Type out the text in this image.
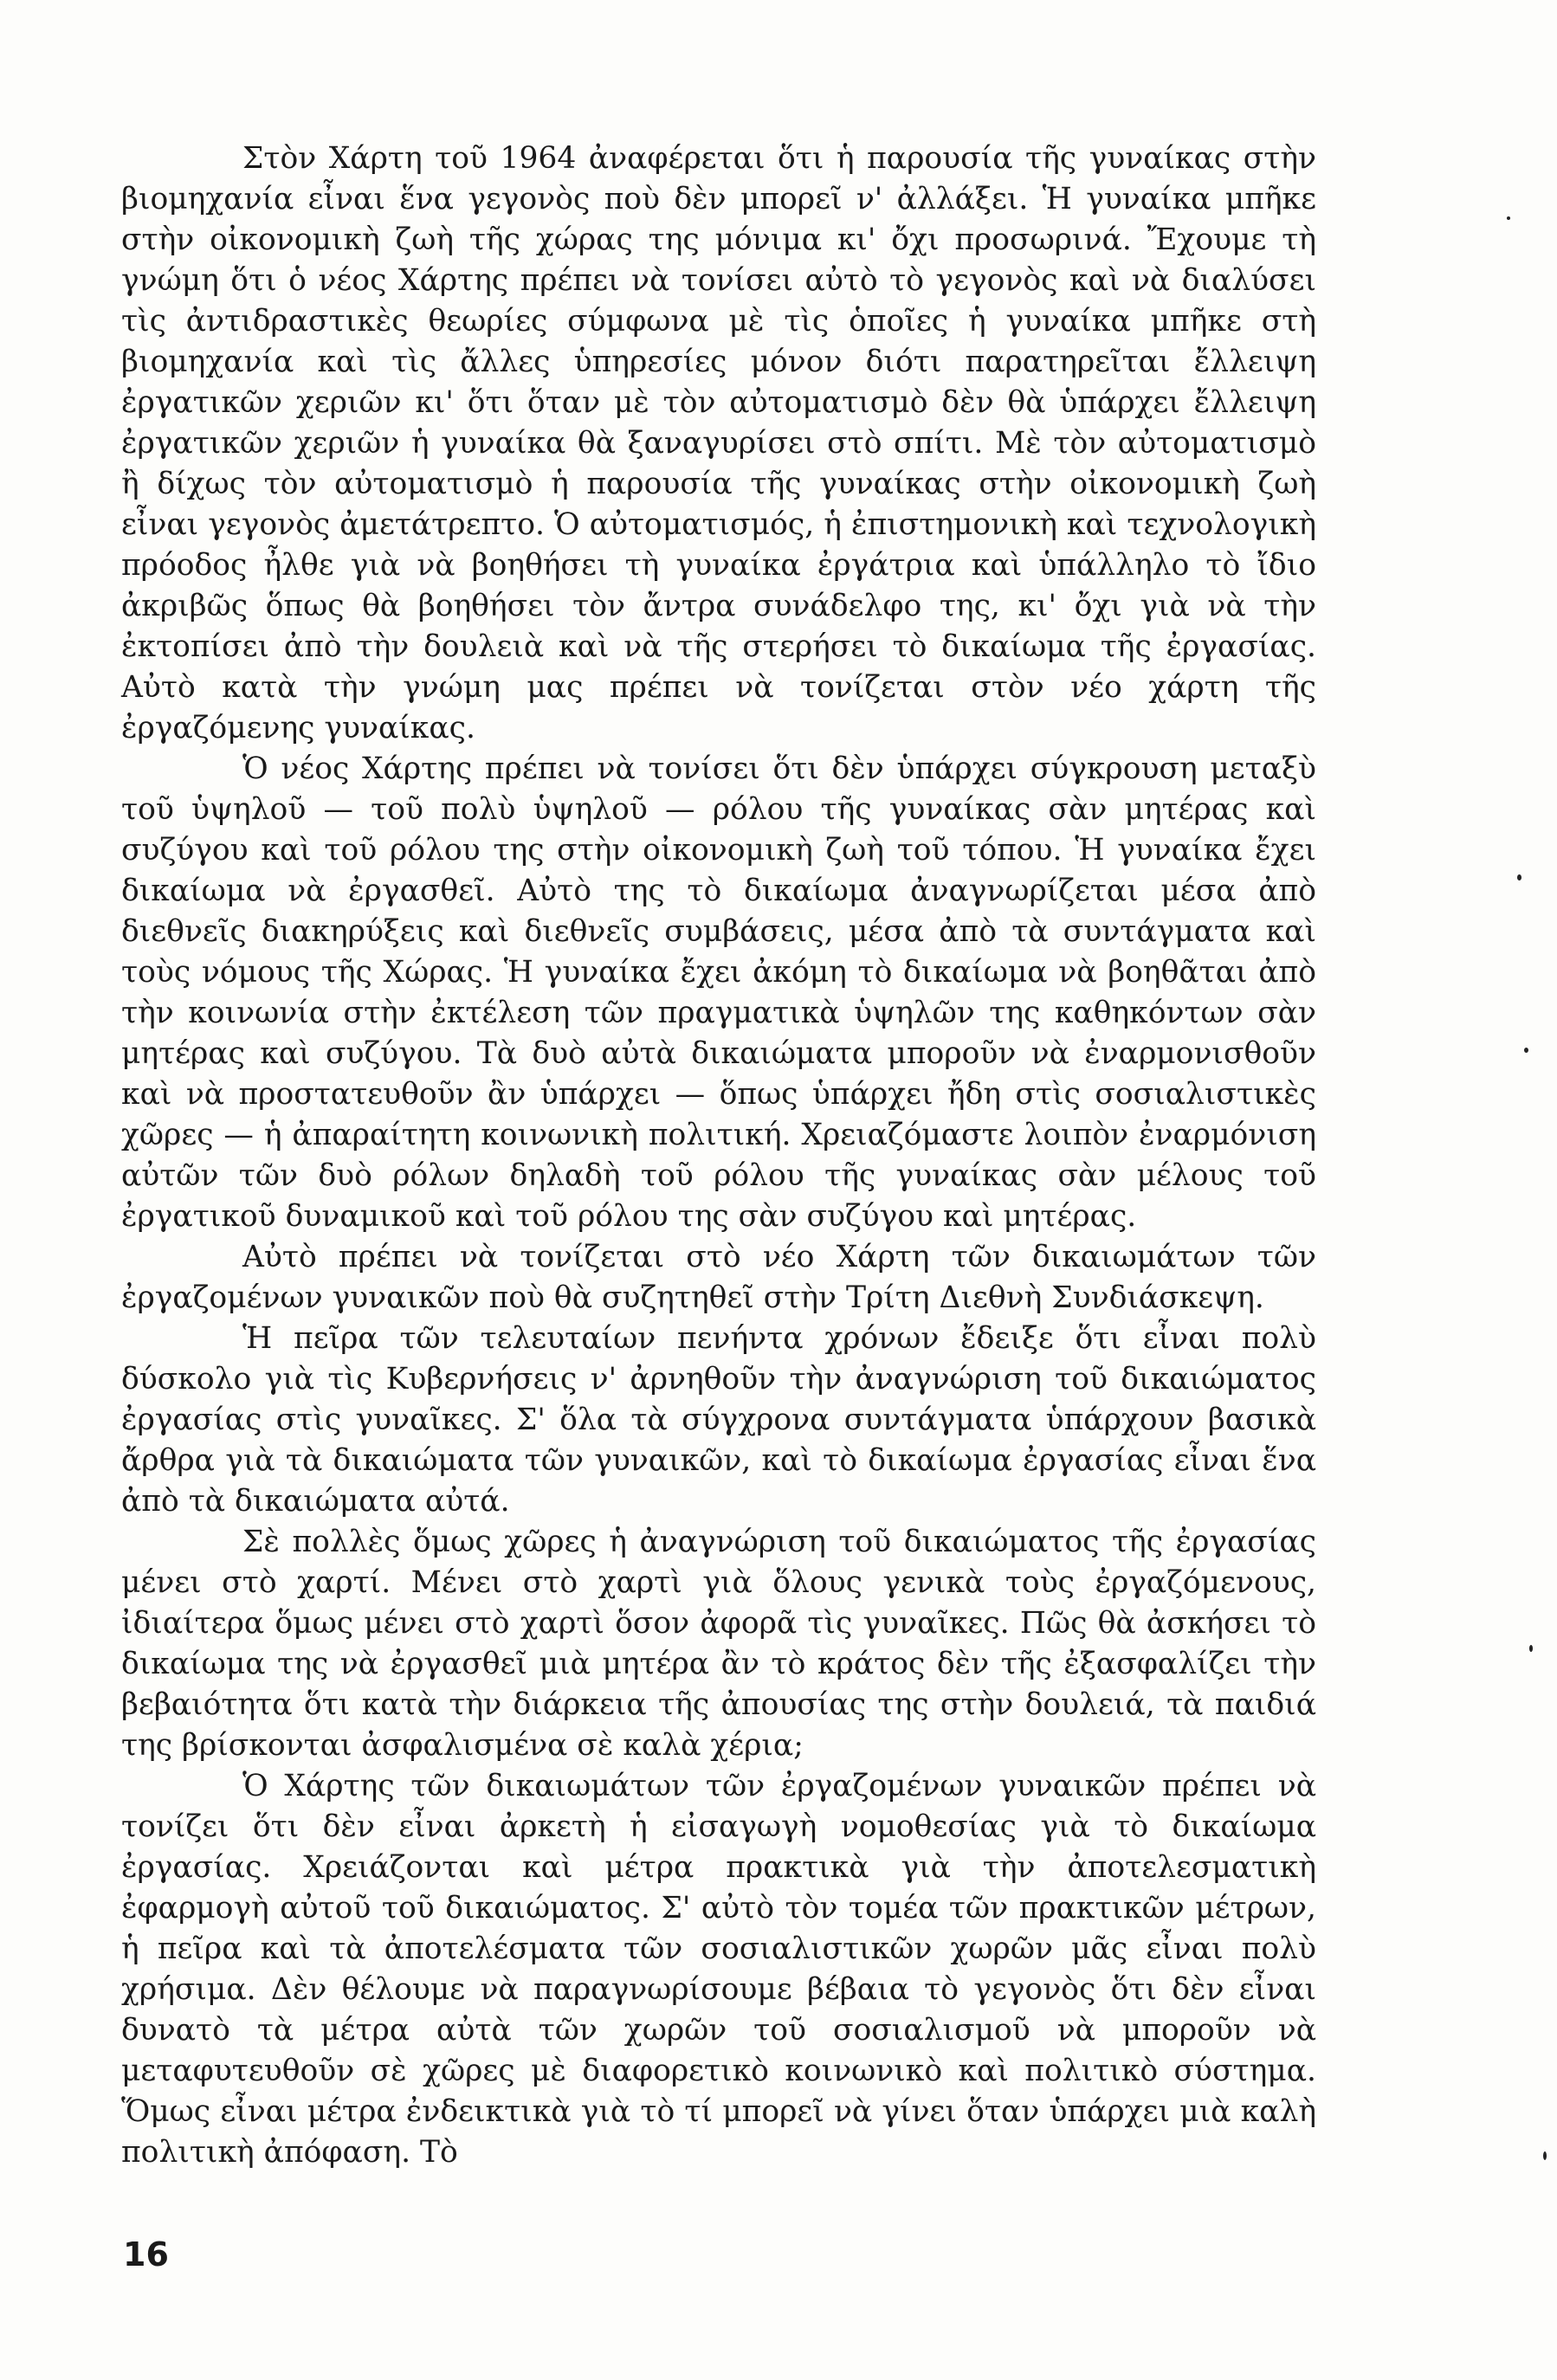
Στὸν Χάρτη τοῦ 1964 ἀναφέρεται ὅτι ἡ παρουσία τῆς γυναίκας στὴν βιομηχανία εἶναι ἕνα γεγονὸς ποὺ δὲν μπορεῖ ν' ἀλλάξει. Ἡ γυναίκα μπῆκε στὴν οἰκονομικὴ ζωὴ τῆς χώρας της μόνιμα κι' ὄχι προσωρινά. Ἔχουμε τὴ γνώμη ὅτι ὁ νέος Χάρτης πρέπει νὰ τονίσει αὐτὸ τὸ γεγονὸς καὶ νὰ διαλύσει τὶς ἀντιδραστικὲς θεωρίες σύμφωνα μὲ τὶς ὁποῖες ἡ γυναίκα μπῆκε στὴ βιομηχανία καὶ τὶς ἄλλες ὑπηρεσίες μόνον διότι παρατηρεῖται ἔλλειψη ἐργατικῶν χεριῶν κι' ὅτι ὅταν μὲ τὸν αὐτοματισμὸ δὲν θὰ ὑπάρχει ἔλλειψη ἐργατικῶν χεριῶν ἡ γυναίκα θὰ ξαναγυρίσει στὸ σπίτι. Μὲ τὸν αὐτοματισμὸ ἢ δίχως τὸν αὐτοματισμὸ ἡ παρουσία τῆς γυναίκας στὴν οἰκονομικὴ ζωὴ εἶναι γεγονὸς ἀμετάτρεπτο. Ὁ αὐτοματισμός, ἡ ἐπιστημονικὴ καὶ τεχνολογικὴ πρόοδος ἦλθε γιὰ νὰ βοηθήσει τὴ γυναίκα ἐργάτρια καὶ ὑπάλληλο τὸ ἴδιο ἀκριβῶς ὅπως θὰ βοηθήσει τὸν ἄντρα συνάδελφο της, κι' ὄχι γιὰ νὰ τὴν ἐκτοπίσει ἀπὸ τὴν δουλειὰ καὶ νὰ τῆς στερήσει τὸ δικαίωμα τῆς ἐργασίας. Αὐτὸ κατὰ τὴν γνώμη μας πρέπει νὰ τονίζεται στὸν νέο χάρτη τῆς ἐργαζόμενης γυναίκας.

Ὁ νέος Χάρτης πρέπει νὰ τονίσει ὅτι δὲν ὑπάρχει σύγκρουση μεταξὺ τοῦ ὑψηλοῦ — τοῦ πολὺ ὑψηλοῦ — ρόλου τῆς γυναίκας σὰν μητέρας καὶ συζύγου καὶ τοῦ ρόλου της στὴν οἰκονομικὴ ζωὴ τοῦ τόπου. Ἡ γυναίκα ἔχει δικαίωμα νὰ ἐργασθεῖ. Αὐτὸ της τὸ δικαίωμα ἀναγνωρίζεται μέσα ἀπὸ διεθνεῖς διακηρύξεις καὶ διεθνεῖς συμβάσεις, μέσα ἀπὸ τὰ συντάγματα καὶ τοὺς νόμους τῆς Χώρας. Ἡ γυναίκα ἔχει ἀκόμη τὸ δικαίωμα νὰ βοηθᾶται ἀπὸ τὴν κοινωνία στὴν ἐκτέλεση τῶν πραγματικὰ ὑψηλῶν της καθηκόντων σὰν μητέρας καὶ συζύγου. Τὰ δυὸ αὐτὰ δικαιώματα μποροῦν νὰ ἐναρμονισθοῦν καὶ νὰ προστατευθοῦν ἂν ὑπάρχει — ὅπως ὑπάρχει ἤδη στὶς σοσιαλιστικὲς χῶρες — ἡ ἀπαραίτητη κοινωνικὴ πολιτική. Χρειαζόμαστε λοιπὸν ἐναρμόνιση αὐτῶν τῶν δυὸ ρόλων δηλαδὴ τοῦ ρόλου τῆς γυναίκας σὰν μέλους τοῦ ἐργατικοῦ δυναμικοῦ καὶ τοῦ ρόλου της σὰν συζύγου καὶ μητέρας.

Αὐτὸ πρέπει νὰ τονίζεται στὸ νέο Χάρτη τῶν δικαιωμάτων τῶν ἐργαζομένων γυναικῶν ποὺ θὰ συζητηθεῖ στὴν Τρίτη Διεθνὴ Συνδιάσκεψη.

Ἡ πεῖρα τῶν τελευταίων πενήντα χρόνων ἔδειξε ὅτι εἶναι πολὺ δύσκολο γιὰ τὶς Κυβερνήσεις ν' ἀρνηθοῦν τὴν ἀναγνώριση τοῦ δικαιώματος ἐργασίας στὶς γυναῖκες. Σ' ὅλα τὰ σύγχρονα συντάγματα ὑπάρχουν βασικὰ ἄρθρα γιὰ τὰ δικαιώματα τῶν γυναικῶν, καὶ τὸ δικαίωμα ἐργασίας εἶναι ἕνα ἀπὸ τὰ δικαιώματα αὐτά.

Σὲ πολλὲς ὅμως χῶρες ἡ ἀναγνώριση τοῦ δικαιώματος τῆς ἐργασίας μένει στὸ χαρτί. Μένει στὸ χαρτὶ γιὰ ὅλους γενικὰ τοὺς ἐργαζόμενους, ἰδιαίτερα ὅμως μένει στὸ χαρτὶ ὅσον ἀφορᾶ τὶς γυναῖκες. Πῶς θὰ ἀσκήσει τὸ δικαίωμα της νὰ ἐργασθεῖ μιὰ μητέρα ἂν τὸ κράτος δὲν τῆς ἐξασφαλίζει τὴν βεβαιότητα ὅτι κατὰ τὴν διάρκεια τῆς ἀπουσίας της στὴν δουλειά, τὰ παιδιά της βρίσκονται ἀσφαλισμένα σὲ καλὰ χέρια;

Ὁ Χάρτης τῶν δικαιωμάτων τῶν ἐργαζομένων γυναικῶν πρέπει νὰ τονίζει ὅτι δὲν εἶναι ἀρκετὴ ἡ εἰσαγωγὴ νομοθεσίας γιὰ τὸ δικαίωμα ἐργασίας. Χρειάζονται καὶ μέτρα πρακτικὰ γιὰ τὴν ἀποτελεσματικὴ ἐφαρμογὴ αὐτοῦ τοῦ δικαιώματος. Σ' αὐτὸ τὸν τομέα τῶν πρακτικῶν μέτρων, ἡ πεῖρα καὶ τὰ ἀποτελέσματα τῶν σοσιαλιστικῶν χωρῶν μᾶς εἶναι πολὺ χρήσιμα. Δὲν θέλουμε νὰ παραγνωρίσουμε βέβαια τὸ γεγονὸς ὅτι δὲν εἶναι δυνατὸ τὰ μέτρα αὐτὰ τῶν χωρῶν τοῦ σοσιαλισμοῦ νὰ μποροῦν νὰ μεταφυτευθοῦν σὲ χῶρες μὲ διαφορετικὸ κοινωνικὸ καὶ πολιτικὸ σύστημα. Ὅμως εἶναι μέτρα ἐνδεικτικὰ γιὰ τὸ τί μπορεῖ νὰ γίνει ὅταν ὑπάρχει μιὰ καλὴ πολιτικὴ ἀπόφαση. Τὸ

16
